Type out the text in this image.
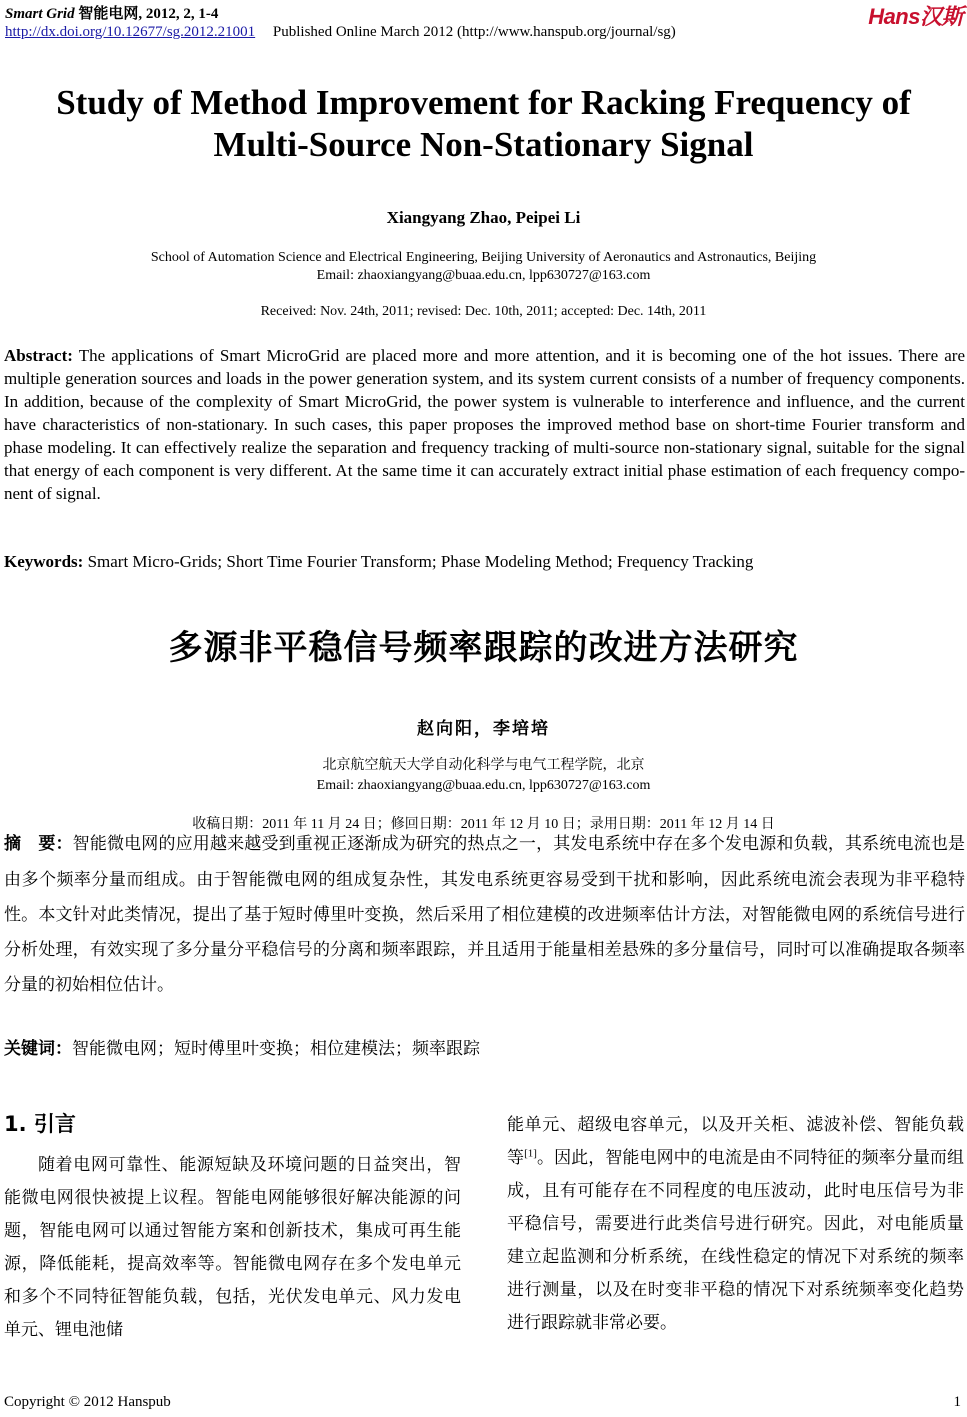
Smart Grid 智能电网, 2012, 2, 1-4
http://dx.doi.org/10.12677/sg.2012.21001 Published Online March 2012 (http://www.hanspub.org/journal/sg)
Hans汉斯
Study of Method Improvement for Racking Frequency of Multi-Source Non-Stationary Signal
Xiangyang Zhao, Peipei Li
School of Automation Science and Electrical Engineering, Beijing University of Aeronautics and Astronautics, Beijing
Email: zhaoxiangyang@buaa.edu.cn, lpp630727@163.com
Received: Nov. 24th, 2011; revised: Dec. 10th, 2011; accepted: Dec. 14th, 2011
Abstract: The applications of Smart MicroGrid are placed more and more attention, and it is becoming one of the hot issues. There are multiple generation sources and loads in the power generation system, and its system current consists of a number of frequency components. In addition, because of the complexity of Smart MicroGrid, the power system is vulnerable to interference and influence, and the current have characteristics of non-stationary. In such cases, this paper proposes the improved method base on short-time Fourier transform and phase modeling. It can effectively realize the separation and frequency tracking of multi-source non-stationary signal, suitable for the signal that energy of each component is very different. At the same time it can accurately extract initial phase estimation of each frequency compo-nent of signal.
Keywords: Smart Micro-Grids; Short Time Fourier Transform; Phase Modeling Method; Frequency Tracking
多源非平稳信号频率跟踪的改进方法研究
赵向阳，李培培
北京航空航天大学自动化科学与电气工程学院，北京
Email: zhaoxiangyang@buaa.edu.cn, lpp630727@163.com
收稿日期：2011 年 11 月 24 日；修回日期：2011 年 12 月 10 日；录用日期：2011 年 12 月 14 日
摘　要：智能微电网的应用越来越受到重视正逐渐成为研究的热点之一，其发电系统中存在多个发电源和负载，其系统电流也是由多个频率分量而组成。由于智能微电网的组成复杂性，其发电系统更容易受到干扰和影响，因此系统电流会表现为非平稳特性。本文针对此类情况，提出了基于短时傅里叶变换，然后采用了相位建模的改进频率估计方法，对智能微电网的系统信号进行分析处理，有效实现了多分量分平稳信号的分离和频率跟踪，并且适用于能量相差悬殊的多分量信号，同时可以准确提取各频率分量的初始相位估计。
关键词：智能微电网；短时傅里叶变换；相位建模法；频率跟踪
1. 引言

随着电网可靠性、能源短缺及环境问题的日益突出，智能微电网很快被提上议程。智能电网能够很好解决能源的问题，智能电网可以通过智能方案和创新技术，集成可再生能源，降低能耗，提高效率等。智能微电网存在多个发电单元和多个不同特征智能负载，包括，光伏发电单元、风力发电单元、锂电池储

能单元、超级电容单元，以及开关柜、滤波补偿、智能负载等[1]。因此，智能电网中的电流是由不同特征的频率分量而组成，且有可能存在不同程度的电压波动，此时电压信号为非平稳信号，需要进行此类信号进行研究。因此，对电能质量建立起监测和分析系统，在线性稳定的情况下对系统的频率进行测量，以及在时变非平稳的情况下对系统频率变化趋势进行跟踪就非常必要。

Copyright © 2012 Hanspub	1
